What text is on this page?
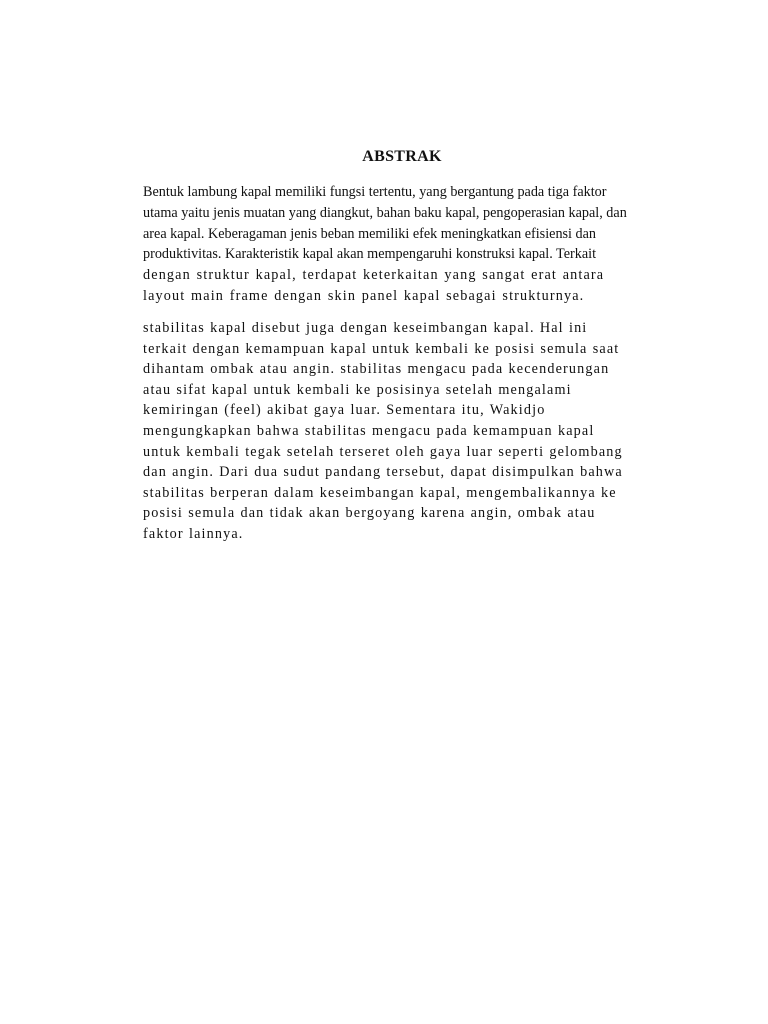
ABSTRAK

Bentuk lambung kapal memiliki fungsi tertentu, yang bergantung pada tiga faktor
utama yaitu jenis muatan yang diangkut, bahan baku kapal, pengoperasian kapal, dan
area kapal. Keberagaman jenis beban memiliki efek meningkatkan efisiensi dan
produktivitas. Karakteristik kapal akan mempengaruhi konstruksi kapal. Terkait
dengan struktur kapal, terdapat keterkaitan yang sangat erat antara
layout main frame dengan skin panel kapal sebagai strukturnya.

stabilitas kapal disebut juga dengan keseimbangan kapal. Hal ini
terkait dengan kemampuan kapal untuk kembali ke posisi semula saat
dihantam ombak atau angin. stabilitas mengacu pada kecenderungan
atau sifat kapal untuk kembali ke posisinya setelah mengalami
kemiringan (feel) akibat gaya luar. Sementara itu, Wakidjo
mengungkapkan bahwa stabilitas mengacu pada kemampuan kapal
untuk kembali tegak setelah terseret oleh gaya luar seperti gelombang
dan angin. Dari dua sudut pandang tersebut, dapat disimpulkan bahwa
stabilitas berperan dalam keseimbangan kapal, mengembalikannya ke
posisi semula dan tidak akan bergoyang karena angin, ombak atau
faktor lainnya.
